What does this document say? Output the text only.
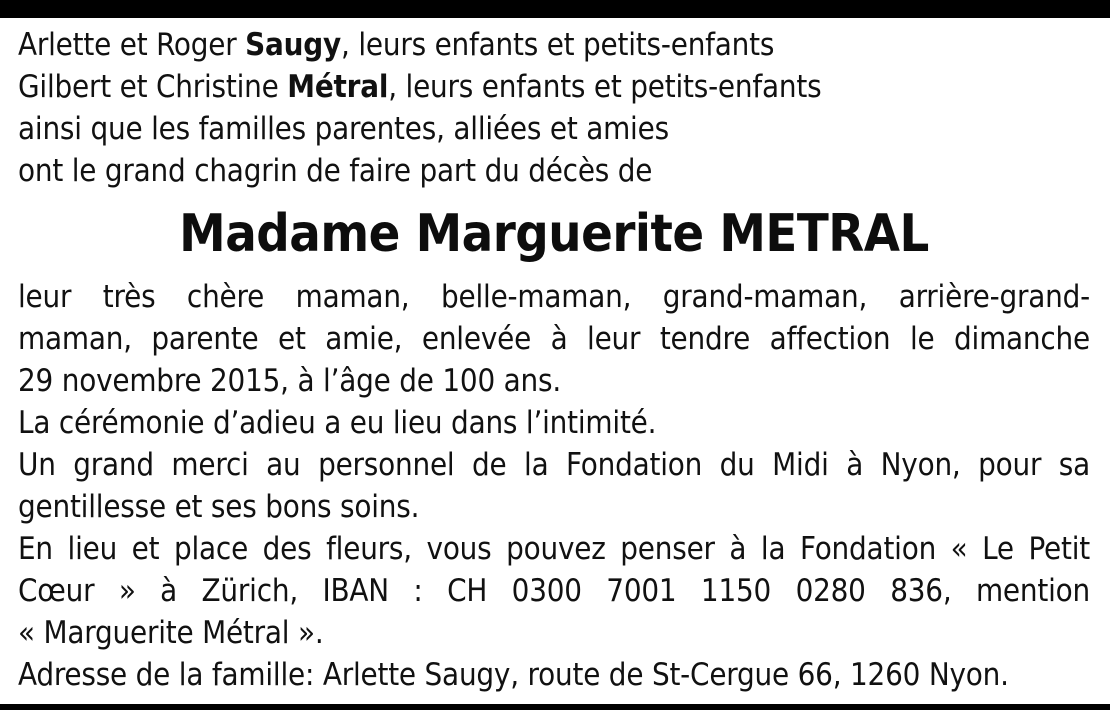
Arlette et Roger Saugy, leurs enfants et petits-enfants
Gilbert et Christine Métral, leurs enfants et petits-enfants
ainsi que les familles parentes, alliées et amies
ont le grand chagrin de faire part du décès de
Madame Marguerite METRAL
leur très chère maman, belle-maman, grand-maman, arrière-grand-
maman, parente et amie, enlevée à leur tendre affection le dimanche
29 novembre 2015, à l’âge de 100 ans.
La cérémonie d’adieu a eu lieu dans l’intimité.
Un grand merci au personnel de la Fondation du Midi à Nyon, pour sa
gentillesse et ses bons soins.
En lieu et place des fleurs, vous pouvez penser à la Fondation « Le Petit
Cœur » à Zürich, IBAN : CH 0300 7001 1150 0280 836, mention
« Marguerite Métral ».
Adresse de la famille: Arlette Saugy, route de St-Cergue 66, 1260 Nyon.
